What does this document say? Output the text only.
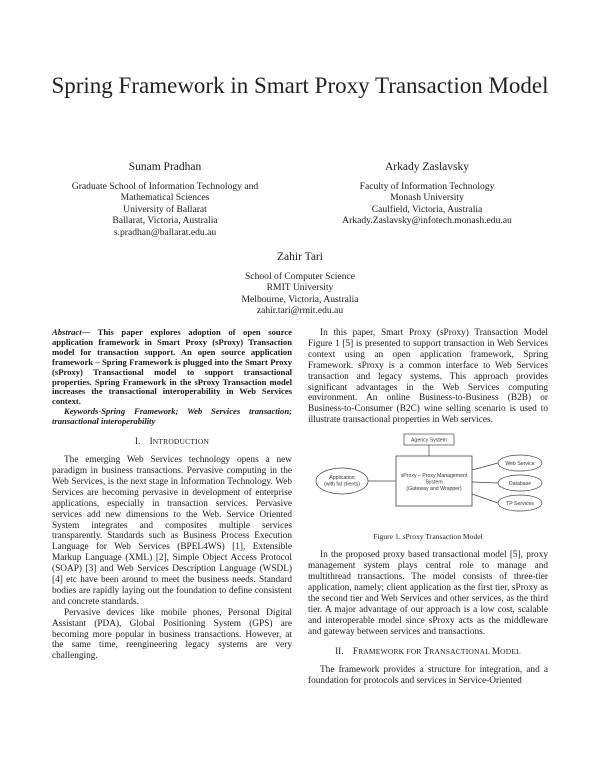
Spring Framework in Smart Proxy Transaction Model
Sunam Pradhan
Graduate School of Information Technology and
Mathematical Sciences
University of Ballarat
Ballarat, Victoria, Australia
s.pradhan@ballarat.edu.au
Arkady Zaslavsky
Faculty of Information Technology
Monash University
Caulfield, Victoria, Australia
Arkady.Zaslavsky@infotech.monash.edu.au
Zahir Tari
School of Computer Science
RMIT University
Melbourne, Victoria, Australia
zahir.tari@rmit.edu.au

Abstract— This paper explores adoption of open source application framework in Smart Proxy (sProxy) Transaction model for transaction support. An open source application framework – Spring Framework is plugged into the Smart Proxy (sProxy) Transactional model to support transactional properties. Spring Framework in the sProxy Transaction model increases the transactional interoperability in Web Services context.

Keywords-Spring Framework; Web Services transaction; transactional interoperability

I. INTRODUCTION

The emerging Web Services technology opens a new paradigm in business transactions. Pervasive computing in the Web Services, is the next stage in Information Technology. Web Services are becoming pervasive in development of enterprise applications, especially in transaction services. Pervasive services add new dimensions to the Web. Service Oriented System integrates and composites multiple services transparently. Standards such as Business Process Execution Language for Web Services (BPEL4WS) [1], Extensible Markup Language (XML) [2], Simple Object Access Protocol (SOAP) [3] and Web Services Description Language (WSDL) [4] etc have been around to meet the business needs. Standard bodies are rapidly laying out the foundation to define consistent and concrete standards.

Pervasive devices like mobile phones, Personal Digital Assistant (PDA), Global Positioning System (GPS) are becoming more popular in business transactions. However, at the same time, reengineering legacy systems are very challenging.

In this paper, Smart Proxy (sProxy) Transaction Model Figure 1 [5] is presented to support transaction in Web Services context using an open application framework, Spring Framework. sProxy is a common interface to Web Services transaction and legacy systems. This approach provides significant advantages in the Web Services computing environment. An online Business-to-Business (B2B) or Business-to-Consumer (B2C) wine selling scenario is used to illustrate transactional properties in Web services.

Agency System
Application
(with fat clients)
sProxy – Proxy Management
System
(Gateway and Wrapper)
Web Service
Database
TP Services
Figure 1. sProxy Transaction Model

In the proposed proxy based transactional model [5], proxy management system plays central role to manage and multithread transactions. The model consists of three-tier application, namely; client application as the first tier, sProxy as the second tier and Web Services and other services, as the third tier. A major advantage of our approach is a low cost, scalable and interoperable model since sProxy acts as the middleware and gateway between services and transactions.

II. FRAMEWORK FOR TRANSACTIONAL MODEL

The framework provides a structure for integration, and a foundation for protocols and services in Service-Oriented
